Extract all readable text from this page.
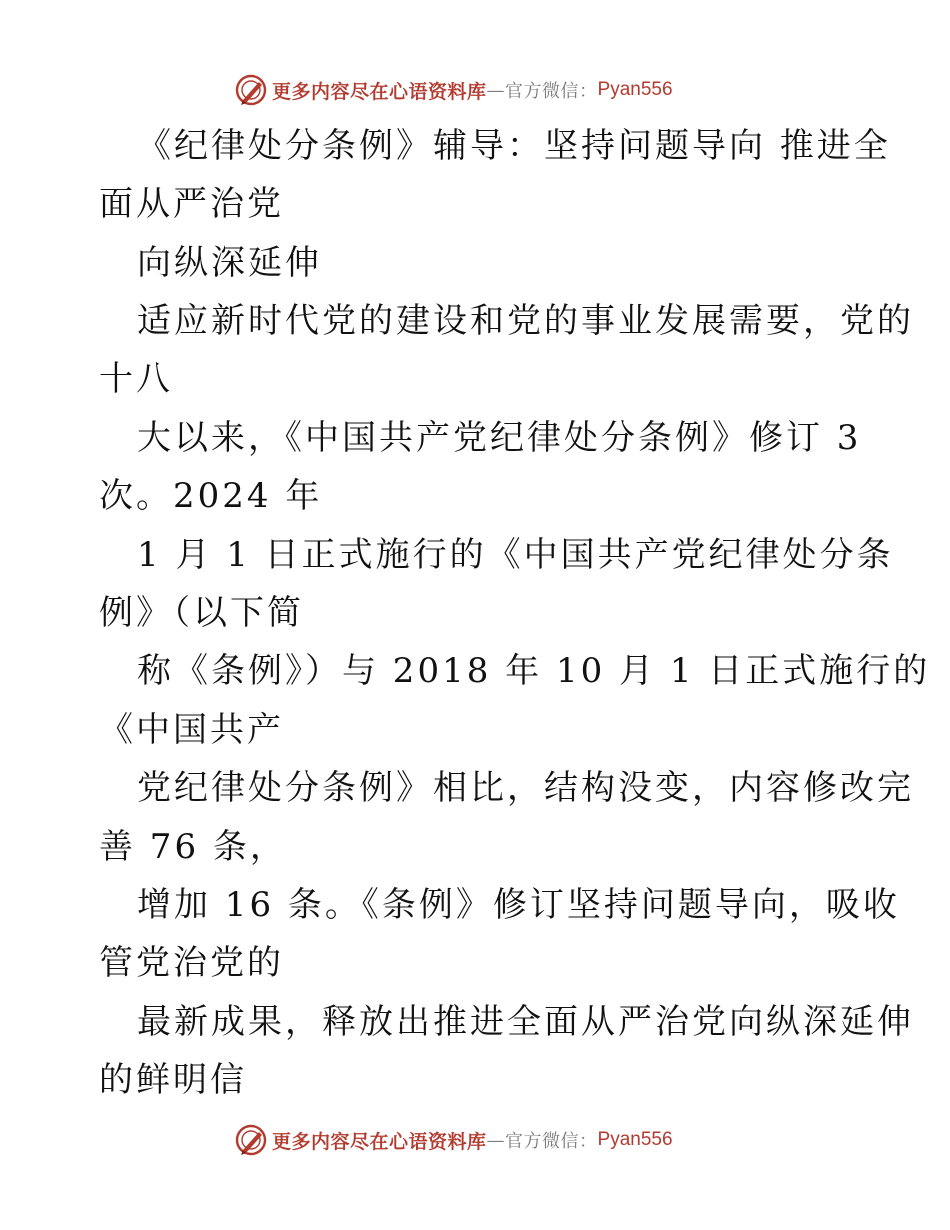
更多内容尽在心语资料库 — 官方微信： Pyan556
《纪律处分条例》辅导：坚持问题导向 推进全
面从严治党
向纵深延伸
适应新时代党的建设和党的事业发展需要，党的
十八
大以来，《中国共产党纪律处分条例》修订 3
次。2024 年
1 月 1 日正式施行的《中国共产党纪律处分条
例》（以下简
称《条例》）与 2018 年 10 月 1 日正式施行的
《中国共产
党纪律处分条例》相比，结构没变，内容修改完
善 76 条，
增加 16 条。《条例》修订坚持问题导向，吸收
管党治党的
最新成果，释放出推进全面从严治党向纵深延伸
的鲜明信
更多内容尽在心语资料库 — 官方微信： Pyan556
